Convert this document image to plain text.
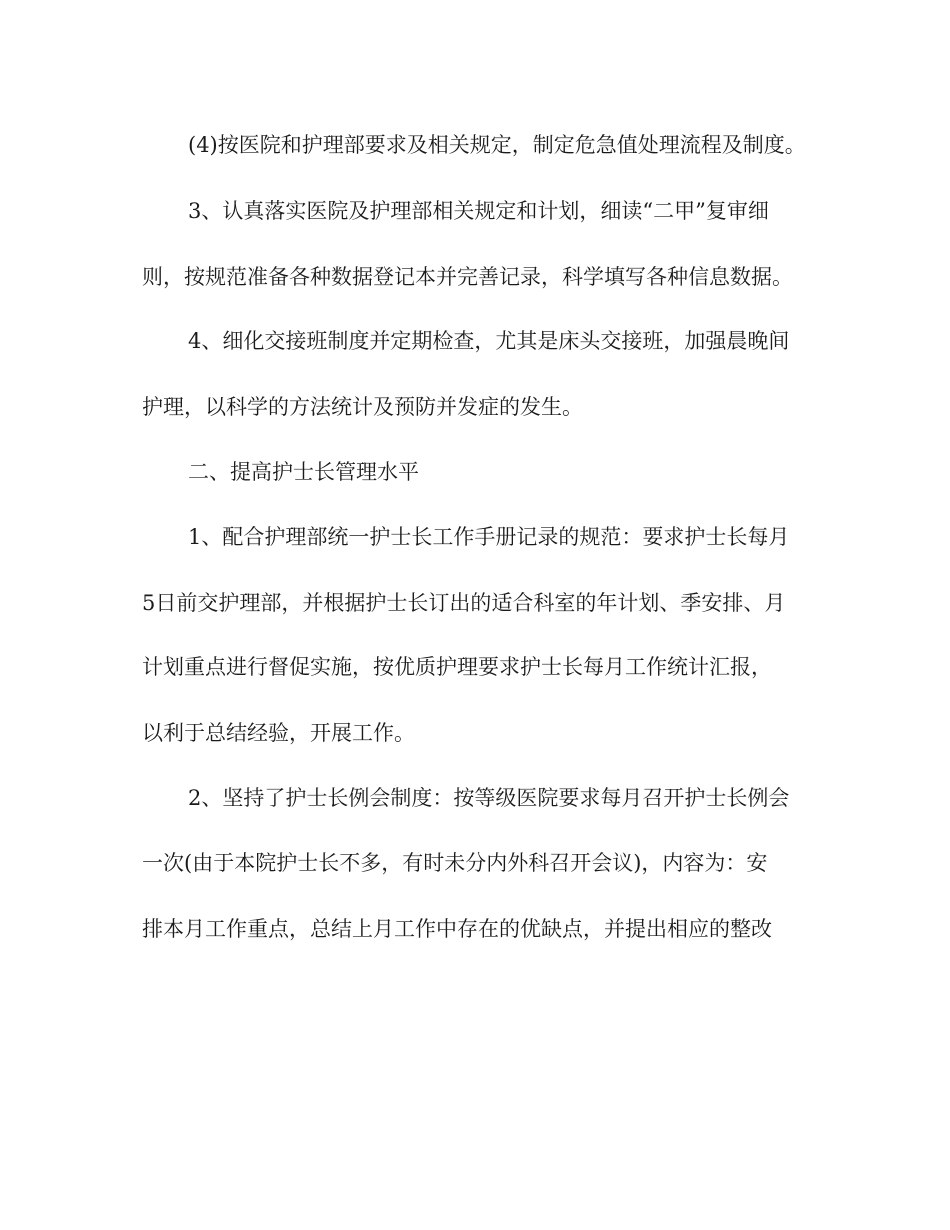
(4)按医院和护理部要求及相关规定，制定危急值处理流程及制度。
3、认真落实医院及护理部相关规定和计划，细读“二甲”复审细
则，按规范准备各种数据登记本并完善记录，科学填写各种信息数据。
4、细化交接班制度并定期检查，尤其是床头交接班，加强晨晚间
护理，以科学的方法统计及预防并发症的发生。
二、提高护士长管理水平
1、配合护理部统一护士长工作手册记录的规范：要求护士长每月
5日前交护理部，并根据护士长订出的适合科室的年计划、季安排、月
计划重点进行督促实施，按优质护理要求护士长每月工作统计汇报，
以利于总结经验，开展工作。
2、坚持了护士长例会制度：按等级医院要求每月召开护士长例会
一次(由于本院护士长不多，有时未分内外科召开会议)，内容为：安
排本月工作重点，总结上月工作中存在的优缺点，并提出相应的整改
